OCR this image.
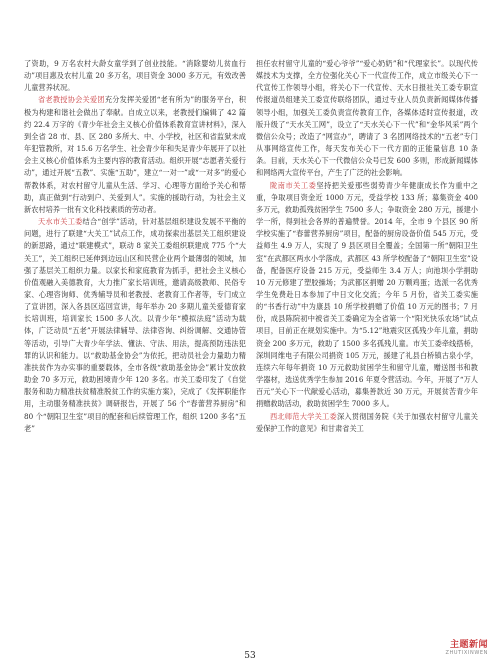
了资助，9 万名农村大龄女童学到了创业技能。“消除婴幼儿贫血行动”项目惠及农村儿童 20 多万名，项目资金 3000 多万元，有效改善儿童营养状况。

省老教授协会关爱团充分发挥关爱团“老有所为”的服务平台，积极为构建和谐社会做出了奉献。自成立以来，老教授们编辑了 42 篇约 22.4 万字的《青少年社会主义核心价值体系教育宣讲材料》，深入到全省 28 市、县、区 280 多所大、中、小学校，社区和省监狱未成年犯管教所，对 15.6 万名学生、社会青少年和失足青少年展开了以社会主义核心价值体系为主要内容的教育活动。组织开展“志愿者关爱行动”，通过开展“五教”、实施“五助”，建立“一对一”或“一对多”的爱心帮教体系，对农村留守儿童从生活、学习、心理等方面给予关心和帮助，真正做到“行动到户、关爱到人”。实施的援助行动，为社会主义新农村培养一批有文化科技素质的劳动者。

天水市关工委结合“创学”活动，针对基层组织建设发展不平衡的问题，进行了联建“大关工”试点工作，成功探索出基层关工组织建设的新思路，通过“联建模式”，联动 8 家关工委组织联建成 775 个“大关工”，关工组织已延伸到边远山区和民营企业两个最薄弱的领域，加强了基层关工组织力量。以家长和家庭教育为抓手，把社会主义核心价值观融入美德教育，大力推广家长培训班，邀请高级教师、民俗专家、心理咨询师、优秀辅导员和老教授、老教育工作者等，专门成立了宣讲团，深入各县区巡回宣讲，每年举办 20 多期儿童关爱德育家长培训班，培训家长 1500 多人次。以青少年“模拟法庭”活动为载体，广泛动员“五老”开展法律辅导、法律咨询、纠纷调解、交通协管等活动，引导广大青少年学法、懂法、守法、用法，提高预防违法犯罪的认识和能力。以“救助基金协会”为依托，把动员社会力量助力精准扶贫作为办实事的重要载体，全市各级“救助基金协会”累计发放救助金 70 多万元，救助困境青少年 120 多名。市关工委印发了《自觉服务和助力精准扶贫精准脱贫工作的实施方案》，完成了《发挥职能作用，主动服务精准扶贫》调研报告，开展了 56 个“春蕾营养厨房”和 80 个“朝阳卫生室”项目的配套和后续管理工作，组织 1200 多名“五老”

担任农村留守儿童的“爱心爷爷”“爱心奶奶”和“代理家长”。以现代传媒技术为支撑，全方位强化关心下一代宣传工作，成立市级关心下一代宣传工作领导小组，将关心下一代宣传、天水日报社关工委专职宣传报道员组建关工委宣传联络团队，通过专业人员负责新闻媒体传播领导小组，加强关工委负责宣传教育工作，各媒体适时宣传报道，改版升级了“天水关工网”，设立了“天水关心下一代”和“金华风采”两个微信公众号；改造了“网宣办”，聘请了 3 名团网络技术的“五老”专门从事网络宣传工作，每天发布关心下一代方面的正能量信息 10 条条。目前，天水关心下一代微信公众号已发 600 多则，形成新闻媒体和网络两大宣传平台，产生了广泛的社会影响。

陇南市关工委坚持把关爱那些弱势青少年健康成长作为重中之重，争取项目资金近 1000 万元，受益学校 133 所；募集资金 400 多万元，救助孤残贫困学生 7500 多人；争取资金 280 万元，援建小学一所，得到社会各界的普遍赞誉。2014 年，全市 9 个县区 90 所学校实施了“春蕾营养厨房”项目，配备的厨房设备价值 545 万元，受益师生 4.9 万人，实现了 9 县区项目全覆盖；全国第一所“朝阳卫生室”在武都区两水小学落成，武都区 43 所学校配备了“朝阳卫生室”设备，配备医疗设备 215 万元，受益师生 3.4 万人；向池坝小学捐助 10 万元修建了塑胶操场；为武都区捐赠 20 万颗鸡蛋；选派一名优秀学生免费赴日本参加了中日文化交流；今年 5 月份，省关工委实施的“书香行动”中为康县 10 所学校捐赠了价值 10 万元的图书；7 月份，成县陈院初中被省关工委确定为全省第一个“阳光快乐农场”试点项目，目前正在规划实施中。为“5.12”地震灾区孤残少年儿童，捐助资金 200 多万元，救助了 1500 多名孤残儿童。市关工委牵线搭桥，深圳同维电子有限公司捐资 105 万元，援建了礼县白桥镇古泉小学，连续六年每年捐资 10 万元救助贫困学生和留守儿童，赠送图书和教学器材，选送优秀学生参加 2016 年夏令营活动。今年，开展了“万人百元”关心下一代献爱心活动，募集善款近 30 万元，开展贫苦青少年捐赠救助活动，救助贫困学生 7000 多人。

西北师范大学关工委深入贯彻国务院《关于加强农村留守儿童关爱保护工作的意见》和甘肃省关工

53
主题新闻
ZHUTIXINWEN
